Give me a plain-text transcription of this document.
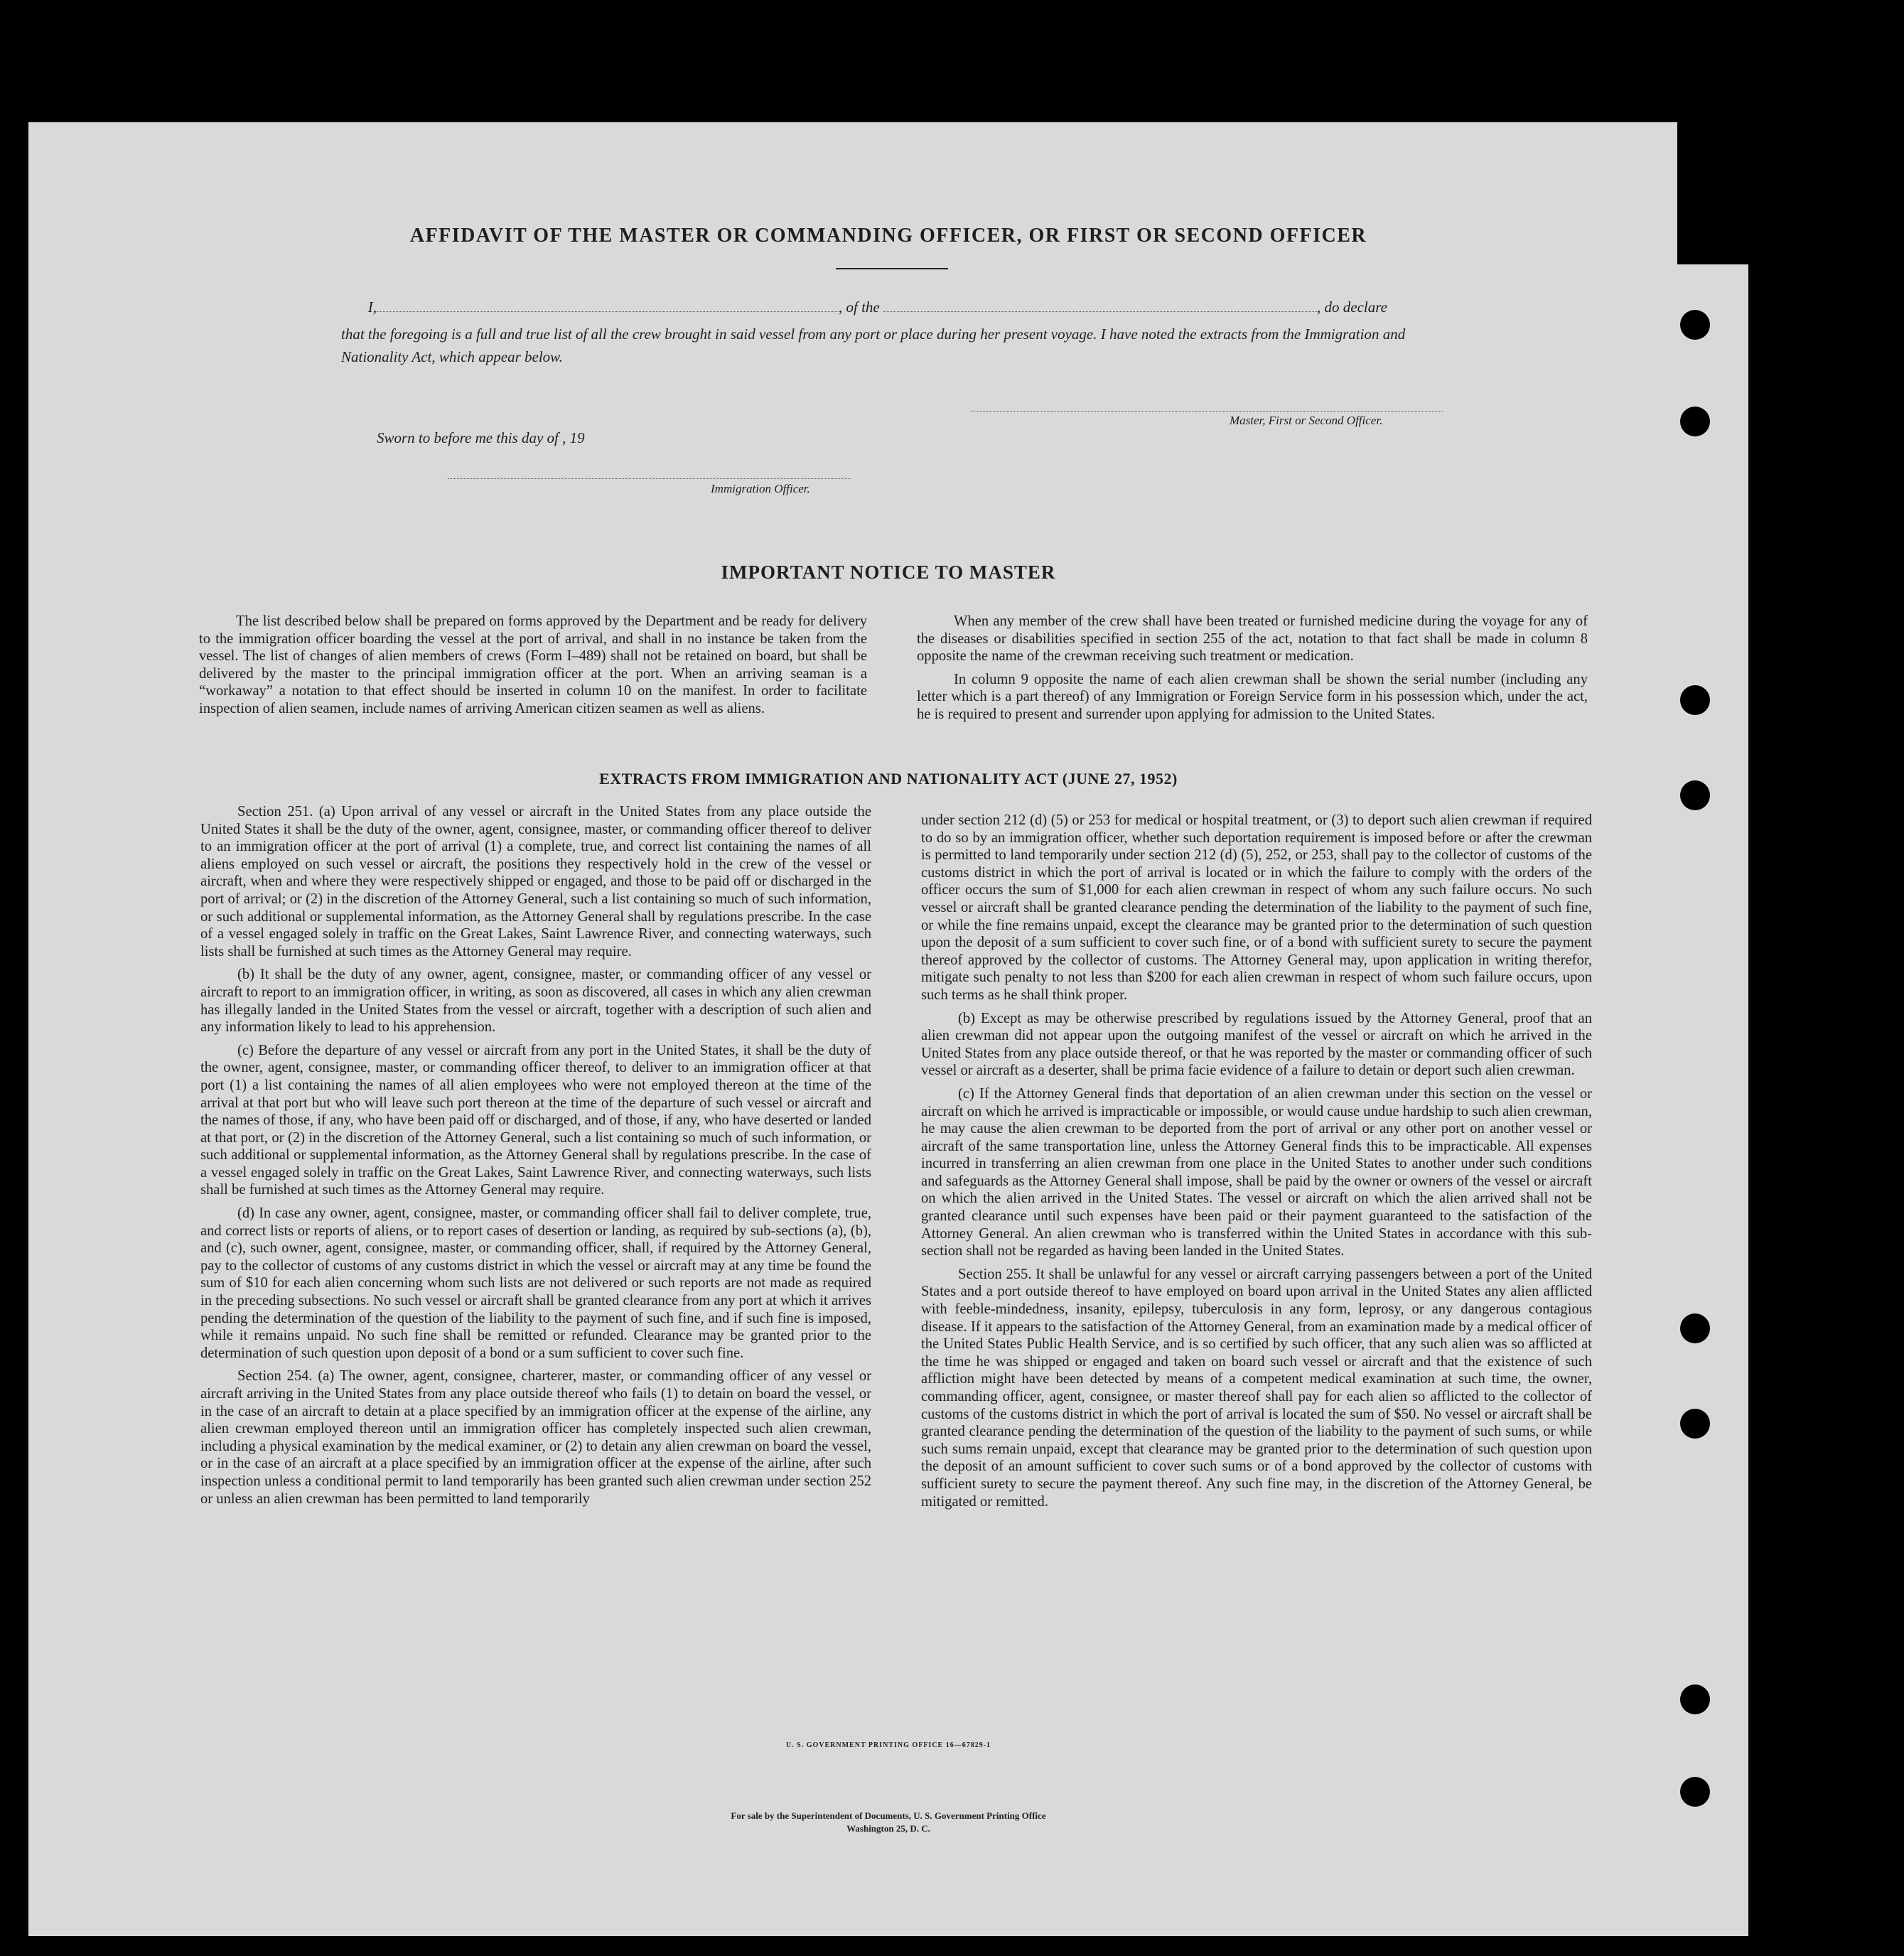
AFFIDAVIT OF THE MASTER OR COMMANDING OFFICER, OR FIRST OR SECOND OFFICER
I,	, of the	, do declare
that the foregoing is a full and true list of all the crew brought in said vessel from any port or place during her present voyage. I have noted the extracts from the Immigration and Nationality Act, which appear below.
Master, First or Second Officer.
Sworn to before me this day of , 19
Immigration Officer.
IMPORTANT NOTICE TO MASTER

The list described below shall be prepared on forms approved by the Department and be ready for delivery to the immigration officer boarding the vessel at the port of arrival, and shall in no instance be taken from the vessel. The list of changes of alien members of crews (Form I–489) shall not be retained on board, but shall be delivered by the master to the principal immigration officer at the port. When an arriving seaman is a “workaway” a notation to that effect should be inserted in column 10 on the manifest. In order to facilitate inspection of alien seamen, include names of arriving American citizen seamen as well as aliens.

When any member of the crew shall have been treated or furnished medicine during the voyage for any of the diseases or disabilities specified in section 255 of the act, notation to that fact shall be made in column 8 opposite the name of the crewman receiving such treatment or medication.

In column 9 opposite the name of each alien crewman shall be shown the serial number (including any letter which is a part thereof) of any Immigration or Foreign Service form in his possession which, under the act, he is required to present and surrender upon applying for admission to the United States.

EXTRACTS FROM IMMIGRATION AND NATIONALITY ACT (JUNE 27, 1952)

Section 251. (a) Upon arrival of any vessel or aircraft in the United States from any place outside the United States it shall be the duty of the owner, agent, consignee, master, or commanding officer thereof to deliver to an immigration officer at the port of arrival (1) a complete, true, and correct list containing the names of all aliens employed on such vessel or aircraft, the positions they respectively hold in the crew of the vessel or aircraft, when and where they were respectively shipped or engaged, and those to be paid off or discharged in the port of arrival; or (2) in the discretion of the Attorney General, such a list containing so much of such information, or such additional or supplemental information, as the Attorney General shall by regulations prescribe. In the case of a vessel engaged solely in traffic on the Great Lakes, Saint Lawrence River, and connecting waterways, such lists shall be furnished at such times as the Attorney General may require.

(b) It shall be the duty of any owner, agent, consignee, master, or commanding officer of any vessel or aircraft to report to an immigration officer, in writing, as soon as discovered, all cases in which any alien crewman has illegally landed in the United States from the vessel or aircraft, together with a description of such alien and any information likely to lead to his apprehension.

(c) Before the departure of any vessel or aircraft from any port in the United States, it shall be the duty of the owner, agent, consignee, master, or commanding officer thereof, to deliver to an immigration officer at that port (1) a list containing the names of all alien employees who were not employed thereon at the time of the arrival at that port but who will leave such port thereon at the time of the departure of such vessel or aircraft and the names of those, if any, who have been paid off or discharged, and of those, if any, who have deserted or landed at that port, or (2) in the discretion of the Attorney General, such a list containing so much of such information, or such additional or supplemental information, as the Attorney General shall by regulations prescribe. In the case of a vessel engaged solely in traffic on the Great Lakes, Saint Lawrence River, and connecting waterways, such lists shall be furnished at such times as the Attorney General may require.

(d) In case any owner, agent, consignee, master, or commanding officer shall fail to deliver complete, true, and correct lists or reports of aliens, or to report cases of desertion or landing, as required by sub-sections (a), (b), and (c), such owner, agent, consignee, master, or commanding officer, shall, if required by the Attorney General, pay to the collector of customs of any customs district in which the vessel or aircraft may at any time be found the sum of $10 for each alien concerning whom such lists are not delivered or such reports are not made as required in the preceding subsections. No such vessel or aircraft shall be granted clearance from any port at which it arrives pending the determination of the question of the liability to the payment of such fine, and if such fine is imposed, while it remains unpaid. No such fine shall be remitted or refunded. Clearance may be granted prior to the determination of such question upon deposit of a bond or a sum sufficient to cover such fine.

Section 254. (a) The owner, agent, consignee, charterer, master, or commanding officer of any vessel or aircraft arriving in the United States from any place outside thereof who fails (1) to detain on board the vessel, or in the case of an aircraft to detain at a place specified by an immigration officer at the expense of the airline, any alien crewman employed thereon until an immigration officer has completely inspected such alien crewman, including a physical examination by the medical examiner, or (2) to detain any alien crewman on board the vessel, or in the case of an aircraft at a place specified by an immigration officer at the expense of the airline, after such inspection unless a conditional permit to land temporarily has been granted such alien crewman under section 252 or unless an alien crewman has been permitted to land temporarily

under section 212 (d) (5) or 253 for medical or hospital treatment, or (3) to deport such alien crewman if required to do so by an immigration officer, whether such deportation requirement is imposed before or after the crewman is permitted to land temporarily under section 212 (d) (5), 252, or 253, shall pay to the collector of customs of the customs district in which the port of arrival is located or in which the failure to comply with the orders of the officer occurs the sum of $1,000 for each alien crewman in respect of whom any such failure occurs. No such vessel or aircraft shall be granted clearance pending the determination of the liability to the payment of such fine, or while the fine remains unpaid, except the clearance may be granted prior to the determination of such question upon the deposit of a sum sufficient to cover such fine, or of a bond with sufficient surety to secure the payment thereof approved by the collector of customs. The Attorney General may, upon application in writing therefor, mitigate such penalty to not less than $200 for each alien crewman in respect of whom such failure occurs, upon such terms as he shall think proper.

(b) Except as may be otherwise prescribed by regulations issued by the Attorney General, proof that an alien crewman did not appear upon the outgoing manifest of the vessel or aircraft on which he arrived in the United States from any place outside thereof, or that he was reported by the master or commanding officer of such vessel or aircraft as a deserter, shall be prima facie evidence of a failure to detain or deport such alien crewman.

(c) If the Attorney General finds that deportation of an alien crewman under this section on the vessel or aircraft on which he arrived is impracticable or impossible, or would cause undue hardship to such alien crewman, he may cause the alien crewman to be deported from the port of arrival or any other port on another vessel or aircraft of the same transportation line, unless the Attorney General finds this to be impracticable. All expenses incurred in transferring an alien crewman from one place in the United States to another under such conditions and safeguards as the Attorney General shall impose, shall be paid by the owner or owners of the vessel or aircraft on which the alien arrived in the United States. The vessel or aircraft on which the alien arrived shall not be granted clearance until such expenses have been paid or their payment guaranteed to the satisfaction of the Attorney General. An alien crewman who is transferred within the United States in accordance with this sub-section shall not be regarded as having been landed in the United States.

Section 255. It shall be unlawful for any vessel or aircraft carrying passengers between a port of the United States and a port outside thereof to have employed on board upon arrival in the United States any alien afflicted with feeble-mindedness, insanity, epilepsy, tuberculosis in any form, leprosy, or any dangerous contagious disease. If it appears to the satisfaction of the Attorney General, from an examination made by a medical officer of the United States Public Health Service, and is so certified by such officer, that any such alien was so afflicted at the time he was shipped or engaged and taken on board such vessel or aircraft and that the existence of such affliction might have been detected by means of a competent medical examination at such time, the owner, commanding officer, agent, consignee, or master thereof shall pay for each alien so afflicted to the collector of customs of the customs district in which the port of arrival is located the sum of $50. No vessel or aircraft shall be granted clearance pending the determination of the question of the liability to the payment of such sums, or while such sums remain unpaid, except that clearance may be granted prior to the determination of such question upon the deposit of an amount sufficient to cover such sums or of a bond approved by the collector of customs with sufficient surety to secure the payment thereof. Any such fine may, in the discretion of the Attorney General, be mitigated or remitted.

U. S. GOVERNMENT PRINTING OFFICE 16—67829-1
For sale by the Superintendent of Documents, U. S. Government Printing Office
Washington 25, D. C.
